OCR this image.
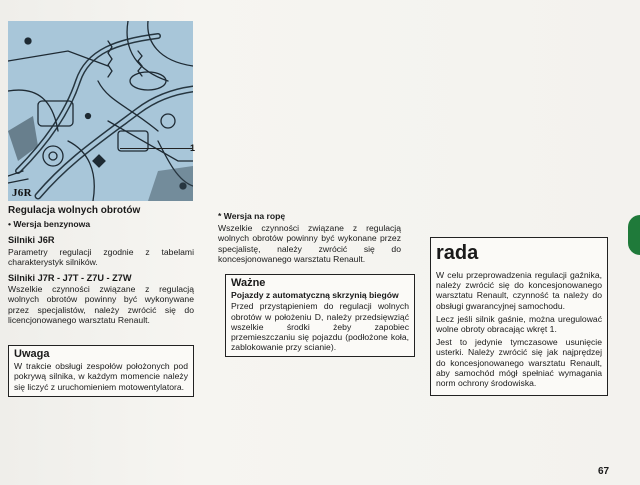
J6R
1
Regulacja wolnych obrotów
• Wersja benzynowa
Silniki J6R

Parametry regulacji zgodnie z tabelami charakterystyk silników.

Silniki J7R - J7T - Z7U - Z7W

Wszelkie czynności związane z regulacją wolnych obrotów powinny być wykonywane przez specjalistów, należy zwrócić się do licencjonowanego warsztatu Renault.

Uwaga

W trakcie obsługi zespołów położonych pod pokrywą silnika, w każdym momencie należy się liczyć z uruchomieniem motowentylatora.

* Wersja na ropę

Wszelkie czynności związane z regulacją wolnych obrotów powinny być wykonane przez specjalistę, należy zwrócić się do koncesjonowanego warsztatu Renault.

Ważne
Pojazdy z automatyczną skrzynią biegów

Przed przystąpieniem do regulacji wolnych obrotów w położeniu D, należy przedsięwziąć wszelkie środki żeby zapobiec przemieszczaniu się pojazdu (podłożone koła, zablokowanie przy scianie).

rada

W celu przeprowadzenia regulacji gaźnika, należy zwrócić się do koncesjonowanego warsztatu Renault, czynność ta należy do obsługi gwarancyjnej samochodu.

Lecz jeśli silnik gaśnie, można uregulować wolne obroty obracając wkręt 1.

Jest to jedynie tymczasowe usunięcie usterki. Należy zwrócić się jak najprędzej do koncesjonowanego warsztatu Renault, aby samochód mógł spełniać wymagania norm ochrony środowiska.

67
